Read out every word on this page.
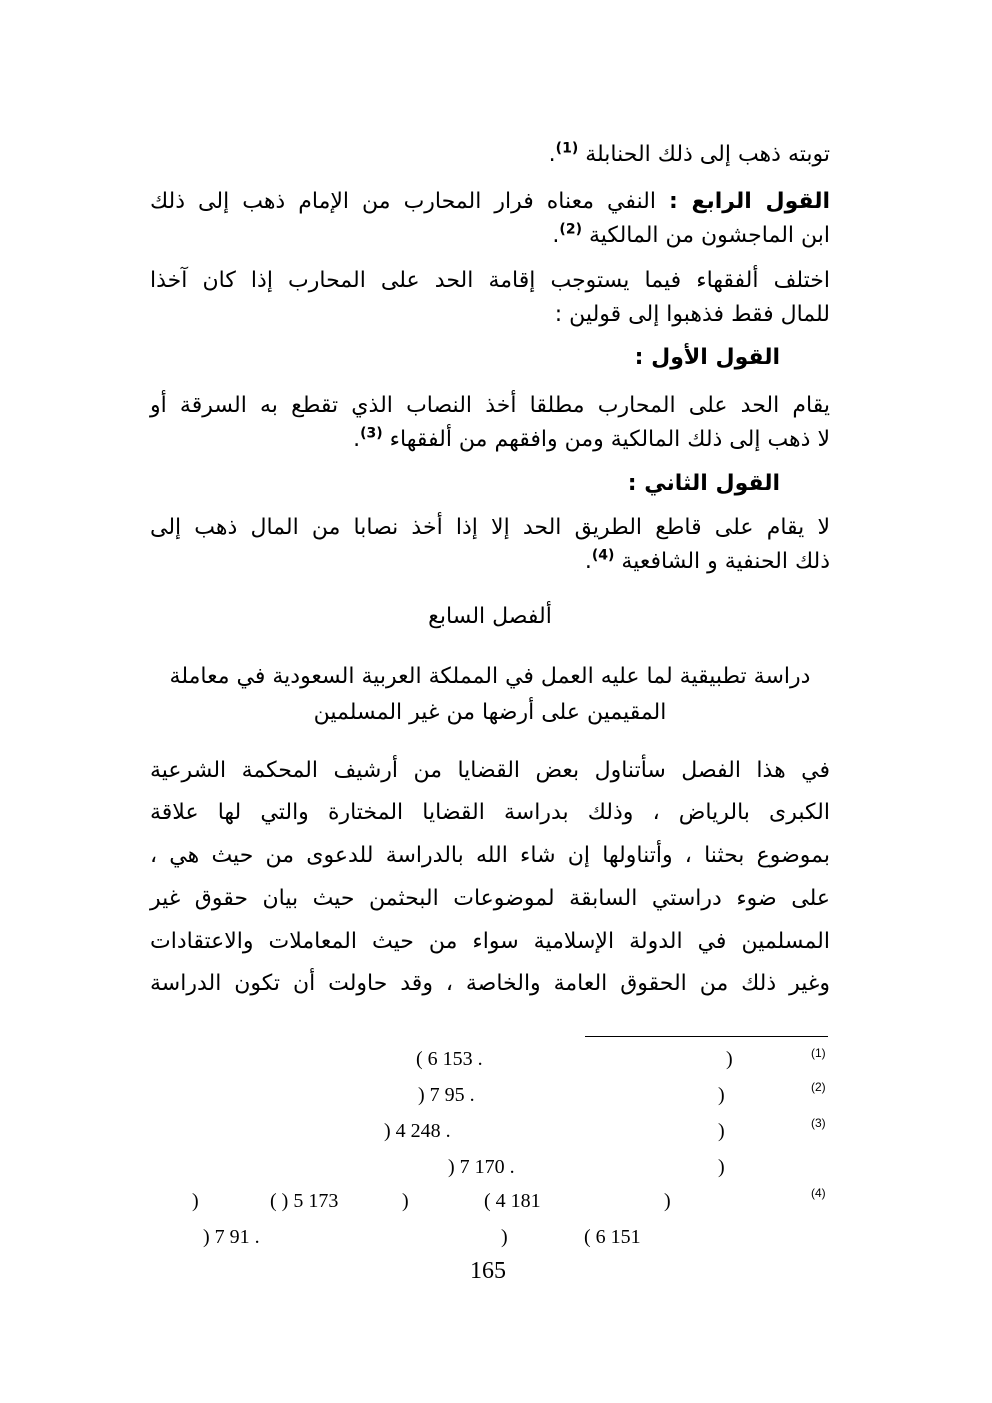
توبته ذهب إلى ذلك الحنابلة $^{(1)}$.
القول الرابع : النفي معناه فرار المحارب من الإمام ذهب إلى ذلك
ابن الماجشون من المالكية $^{(2)}$.
اختلف ألفقهاء فيما يستوجب إقامة الحد على المحارب إذا كان آخذا
للمال فقط فذهبوا إلى قولين :
القول الأول :
يقام الحد على المحارب مطلقا أخذ النصاب الذي تقطع به السرقة أو
لا ذهب إلى ذلك المالكية ومن وافقهم من ألفقهاء $^{(3)}$.
القول الثاني :
لا يقام على قاطع الطريق الحد إلا إذا أخذ نصابا من المال ذهب إلى
ذلك الحنفية و الشافعية $^{(4)}$.
ألفصل السابع
دراسة تطبيقية لما عليه العمل في المملكة العربية السعودية في معاملة
المقيمين على أرضها من غير المسلمين
في هذا الفصل سأتناول بعض القضايا من أرشيف المحكمة الشرعية
الكبرى بالرياض ، وذلك بدراسة القضايا المختارة والتي لها علاقة
بموضوع بحثنا ، وأتناولها إن شاء الله بالدراسة للدعوى من حيث هي ،
على ضوء دراستي السابقة لموضوعات البحثمن حيث بيان حقوق غير
المسلمين في الدولة الإسلامية سواء من حيث المعاملات والاعتقادات
وغير ذلك من الحقوق العامة والخاصة ، وقد حاولت أن تكون الدراسة
(1)
)
( 6 153 .
(2)
)
) 7 95 .
(3)
)
) 4 248 .
)
) 7 170 .
(4)
)
( 4 181
)
( ) 5 173
)
( 6 151
)
) 7 91 .
165
